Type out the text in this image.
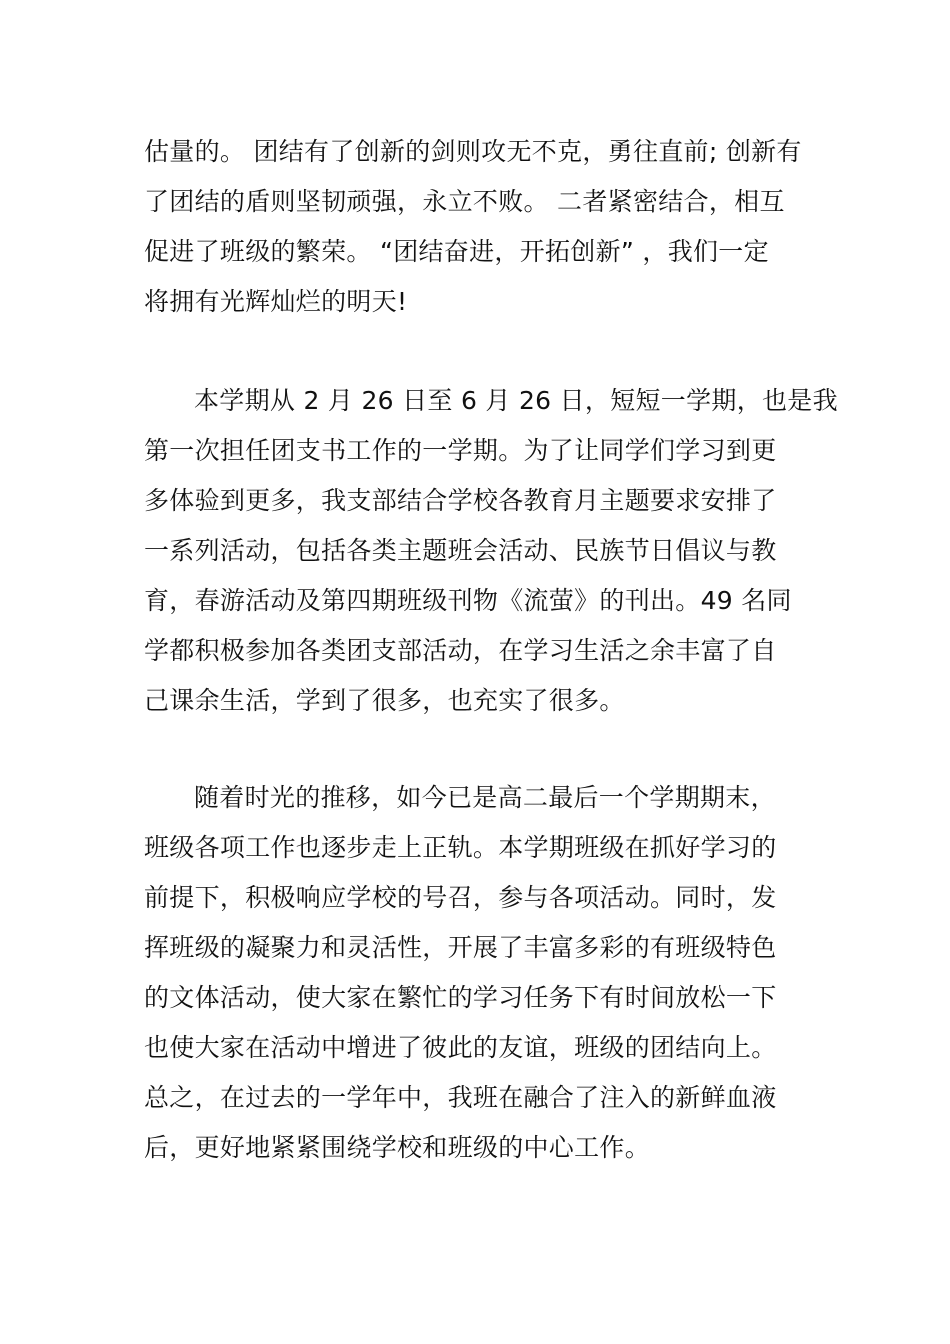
估量的。 团结有了创新的剑则攻无不克，勇往直前; 创新有
了团结的盾则坚韧顽强，永立不败。 二者紧密结合，相互
促进了班级的繁荣。 “团结奋进，开拓创新” ，我们一定
将拥有光辉灿烂的明天!

本学期从 2 月 26 日至 6 月 26 日，短短一学期，也是我
第一次担任团支书工作的一学期。为了让同学们学习到更
多体验到更多，我支部结合学校各教育月主题要求安排了
一系列活动，包括各类主题班会活动、民族节日倡议与教
育，春游活动及第四期班级刊物《流萤》的刊出。49 名同
学都积极参加各类团支部活动，在学习生活之余丰富了自
己课余生活，学到了很多，也充实了很多。

随着时光的推移，如今已是高二最后一个学期期末，
班级各项工作也逐步走上正轨。本学期班级在抓好学习的
前提下，积极响应学校的号召，参与各项活动。同时，发
挥班级的凝聚力和灵活性，开展了丰富多彩的有班级特色
的文体活动，使大家在繁忙的学习任务下有时间放松一下
也使大家在活动中增进了彼此的友谊，班级的团结向上。
总之，在过去的一学年中，我班在融合了注入的新鲜血液
后，更好地紧紧围绕学校和班级的中心工作。
